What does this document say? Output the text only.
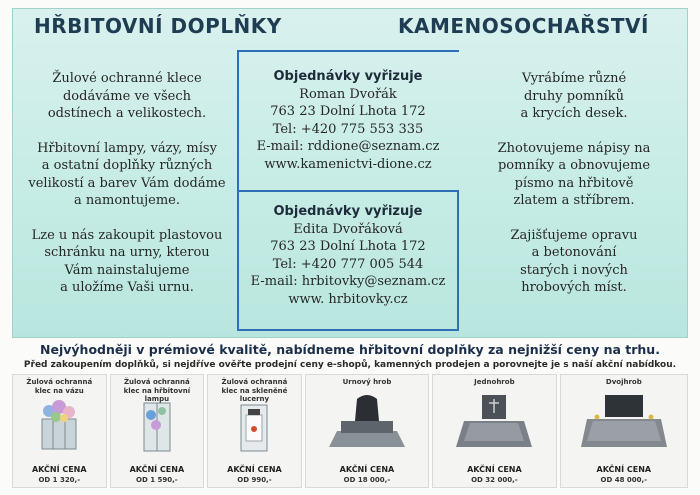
HŘBITOVNÍ DOPLŇKY	KAMENOSOCHAŘSTVÍ

Žulové ochranné klece

dodáváme ve všech

odstínech a velikostech.

Hřbitovní lampy, vázy, mísy

a ostatní doplňky různých

velikostí a barev Vám dodáme

a namontujeme.

Lze u nás zakoupit plastovou

schránku na urny, kterou

Vám nainstalujeme

a uložíme Vaši urnu.

Objednávky vyřizuje
Roman Dvořák
763 23 Dolní Lhota 172
Tel: +420 775 553 335
E-mail: rddione@seznam.cz
www.kamenictvi-dione.cz
Objednávky vyřizuje
Edita Dvořáková
763 23 Dolní Lhota 172
Tel: +420 777 005 544
E-mail: hrbitovky@seznam.cz
www. hrbitovky.cz

Vyrábíme různé

druhy pomníků

a krycích desek.

Zhotovujeme nápisy na

pomníky a obnovujeme

písmo na hřbitově

zlatem a stříbrem.

Zajišťujeme opravu

a betonování

starých i nových

hrobových míst.

Nejvýhodněji v prémiové kvalitě, nabídneme hřbitovní doplňky za nejnižší ceny na trhu.
Před zakoupením doplňků, si nejdříve ověřte prodejní ceny e-shopů, kamenných prodejen a porovnejte je s naší akční nabídkou.
Žulová ochranná
klec na vázu
AKČNÍ CENA
OD 1 320,-
Žulová ochranná
klec na hřbitovní lampu
AKČNÍ CENA
OD 1 590,-
Žulová ochranná
klec na skleněné lucerny
AKČNÍ CENA
OD 990,-
Urnový hrob
AKČNÍ CENA
OD 18 000,-
Jednohrob
AKČNÍ CENA
OD 32 000,-
Dvojhrob
AKČNÍ CENA
OD 48 000,-
